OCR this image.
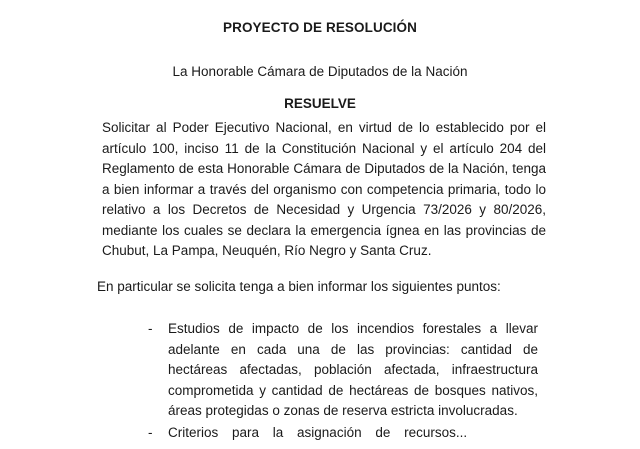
PROYECTO DE RESOLUCIÓN
La Honorable Cámara de Diputados de la Nación
RESUELVE
Solicitar al Poder Ejecutivo Nacional, en virtud de lo establecido por el artículo 100, inciso 11 de la Constitución Nacional y el artículo 204 del Reglamento de esta Honorable Cámara de Diputados de la Nación, tenga a bien informar a través del organismo con competencia primaria, todo lo relativo a los Decretos de Necesidad y Urgencia 73/2026 y 80/2026, mediante los cuales se declara la emergencia ígnea en las provincias de Chubut, La Pampa, Neuquén, Río Negro y Santa Cruz.
En particular se solicita tenga a bien informar los siguientes puntos:
- Estudios de impacto de los incendios forestales a llevar adelante en cada una de las provincias: cantidad de hectáreas afectadas, población afectada, infraestructura comprometida y cantidad de hectáreas de bosques nativos, áreas protegidas o zonas de reserva estricta involucradas.
- Criterios para la asignación de recursos...
